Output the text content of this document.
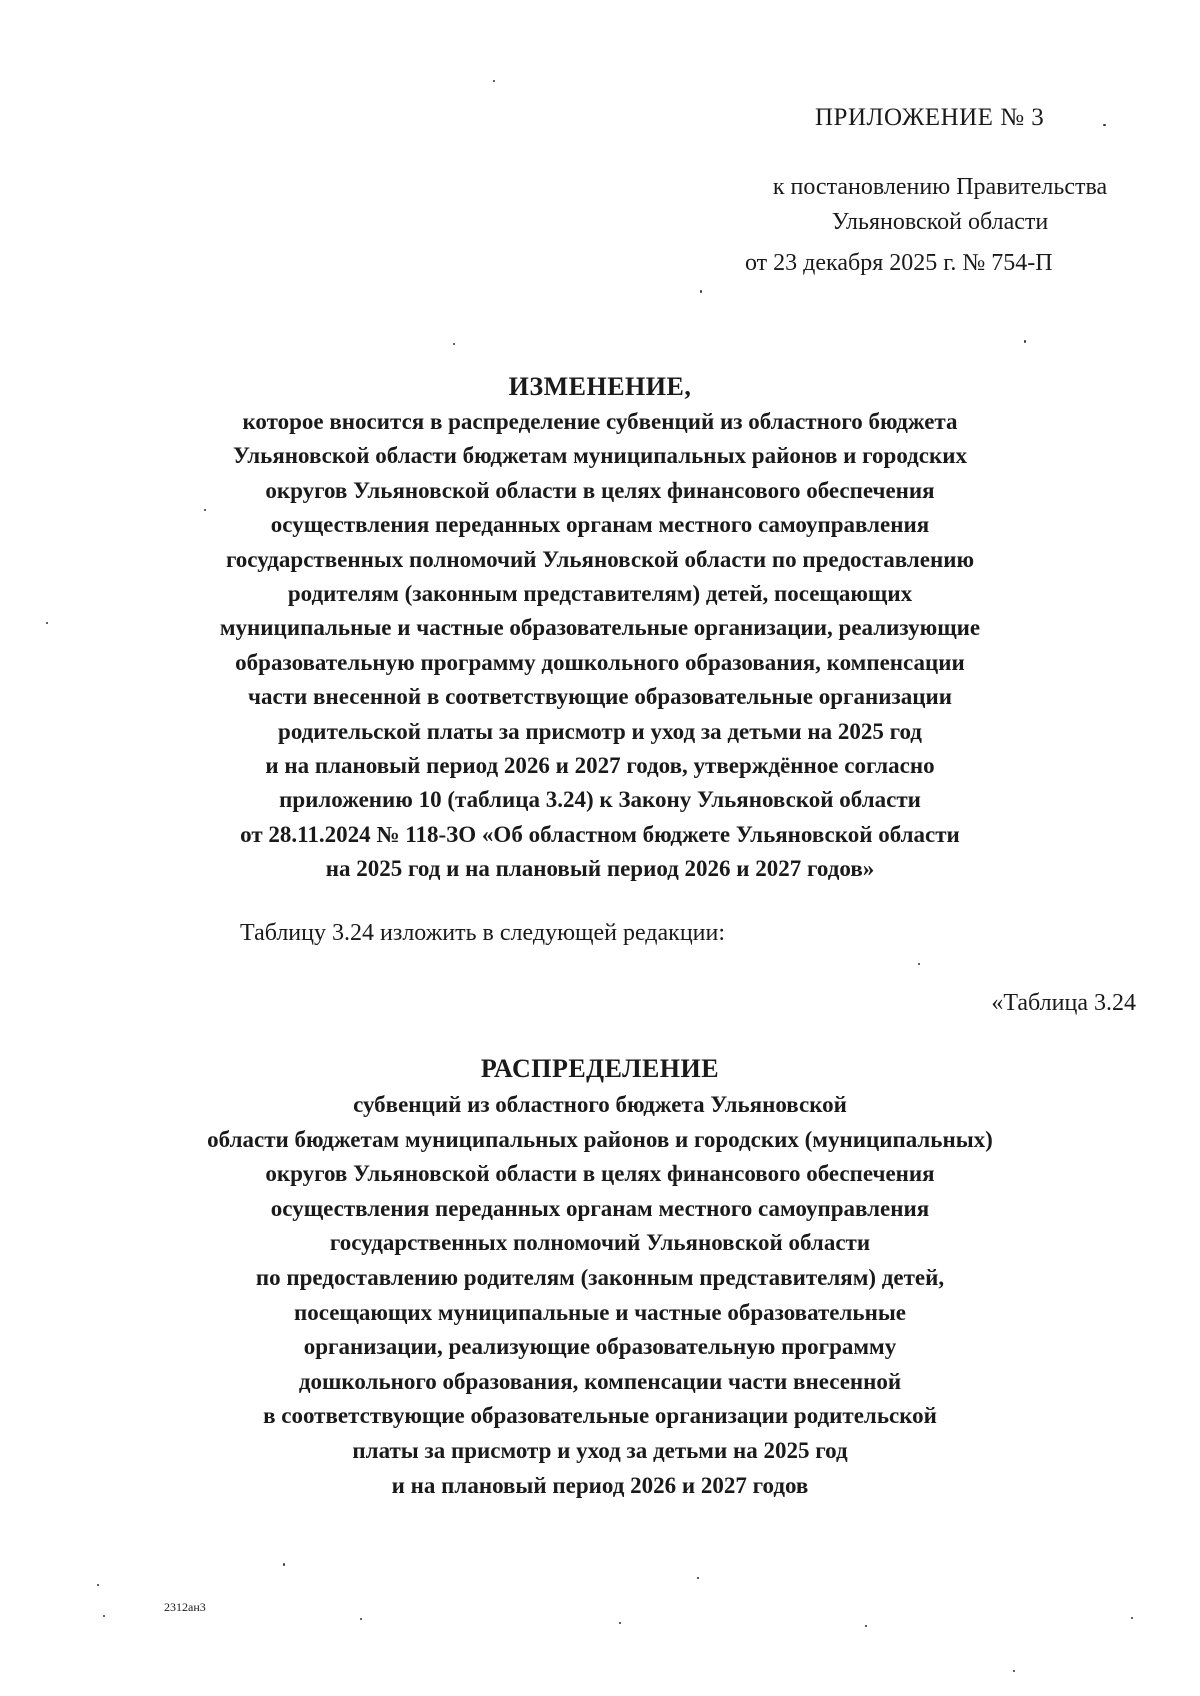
ПРИЛОЖЕНИЕ № 3
к постановлению Правительства
Ульяновской области
от 23 декабря 2025 г. № 754-П
ИЗМЕНЕНИЕ,
которое вносится в распределение субвенций из областного бюджета
Ульяновской области бюджетам муниципальных районов и городских
округов Ульяновской области в целях финансового обеспечения
осуществления переданных органам местного самоуправления
государственных полномочий Ульяновской области по предоставлению
родителям (законным представителям) детей, посещающих
муниципальные и частные образовательные организации, реализующие
образовательную программу дошкольного образования, компенсации
части внесенной в соответствующие образовательные организации
родительской платы за присмотр и уход за детьми на 2025 год
и на плановый период 2026 и 2027 годов, утверждённое согласно
приложению 10 (таблица 3.24) к Закону Ульяновской области
от 28.11.2024 № 118-ЗО «Об областном бюджете Ульяновской области
на 2025 год и на плановый период 2026 и 2027 годов»
Таблицу 3.24 изложить в следующей редакции:
«Таблица 3.24
РАСПРЕДЕЛЕНИЕ
субвенций из областного бюджета Ульяновской
области бюджетам муниципальных районов и городских (муниципальных)
округов Ульяновской области в целях финансового обеспечения
осуществления переданных органам местного самоуправления
государственных полномочий Ульяновской области
по предоставлению родителям (законным представителям) детей,
посещающих муниципальные и частные образовательные
организации, реализующие образовательную программу
дошкольного образования, компенсации части внесенной
в соответствующие образовательные организации родительской
платы за присмотр и уход за детьми на 2025 год
и на плановый период 2026 и 2027 годов
2312ан3
